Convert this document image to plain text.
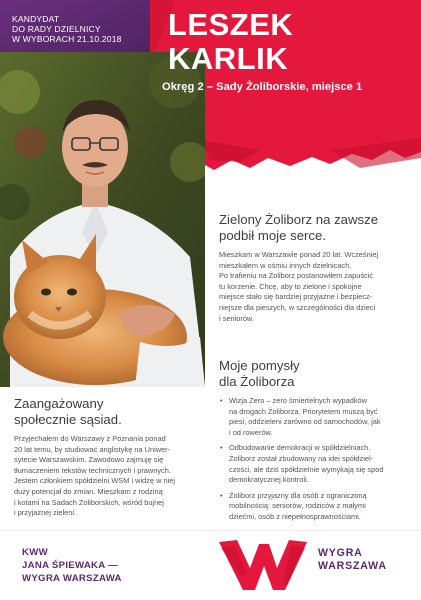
KANDYDAT
DO RADY DZIELNICY
W WYBORACH 21.10.2018	LESZEK
KARLIK
Okręg 2 – Sady Żoliborskie, miejsce 1
Zielony Żoliborz na zawsze
podbił moje serce.
Mieszkam w Warszawie ponad 20 lat. Wcześniej
mieszkałem w ośmiu innych dzielnicach.
Po trafieniu na Żoliborz postanowiłem zapuścić
tu korzenie. Chcę, aby to zielone i spokojne
miejsce stało się bardziej przyjazne i bezpiecz-
niejsze dla pieszych, w szczególności dla dzieci
i seniorów.
Moje pomysły
dla Żoliborza
• Wizja Zero – zero śmiertelnych wypadków
na drogach Żoliborza. Priorytetem muszą być
piesi, oddzieleni zarówno od samochodów, jak
i od rowerów.
• Odbudowanie demokracji w spółdzielniach.
Żoliborz został zbudowany na idei spółdziel-
czości, ale dziś spółdzielnie wymykają się spod
demokratycznej kontroli.
• Żoliborz przyjazny dla osób z ograniczoną
mobilnością: seniorów, rodziców z małymi
dziećmi, osób z niepełnosprawnościami.
Zaangażowany
społecznie sąsiad.
Przyjechałem do Warszawy z Poznania ponad
20 lat temu, by studiować anglistykę na Uniwer-
sytecie Warszawskim. Zawodowo zajmuję się
tłumaczeniem tekstów technicznych i prawnych.
Jestem członkiem spółdzielni WSM i widzę w niej
duży potencjał do zmian. Mieszkam z rodziną
i kotami na Sadach Żoliborskich, wśród bujnej
i przyjaznej zieleni.
KWW
JANA ŚPIEWAKA —
WYGRA WARSZAWA
WYGRA
WARSZAWA
